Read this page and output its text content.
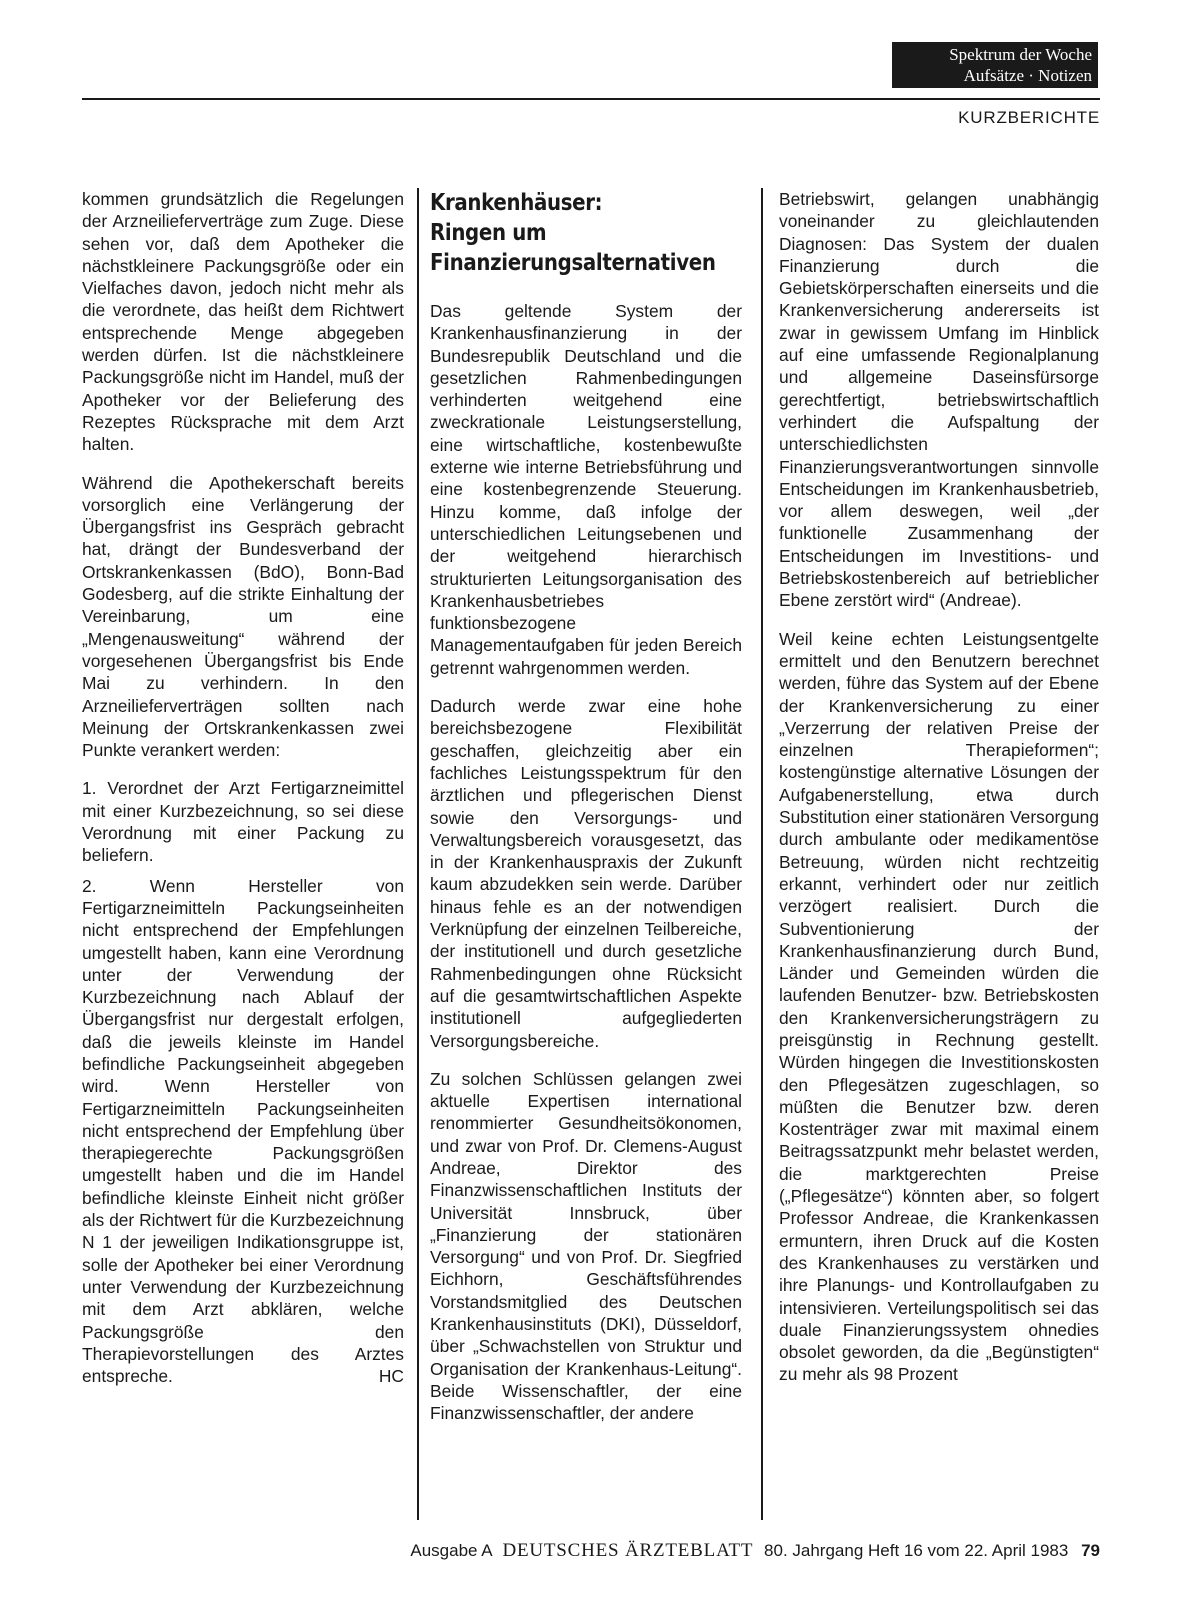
Spektrum der Woche
Aufsätze · Notizen
KURZBERICHTE

kommen grundsätzlich die Regelungen der Arzneilieferverträge zum Zuge. Diese sehen vor, daß dem Apotheker die nächstkleinere Packungsgröße oder ein Vielfaches davon, jedoch nicht mehr als die verordnete, das heißt dem Richtwert entsprechende Menge abgegeben werden dürfen. Ist die nächstkleinere Packungsgröße nicht im Handel, muß der Apotheker vor der Belieferung des Rezeptes Rücksprache mit dem Arzt halten.

Während die Apothekerschaft bereits vorsorglich eine Verlängerung der Übergangsfrist ins Gespräch gebracht hat, drängt der Bundesverband der Ortskrankenkassen (BdO), Bonn-Bad Godesberg, auf die strikte Einhaltung der Vereinbarung, um eine „Mengenausweitung“ während der vorgesehenen Übergangsfrist bis Ende Mai zu verhindern. In den Arzneilieferverträgen sollten nach Meinung der Ortskrankenkassen zwei Punkte verankert werden:

1. Verordnet der Arzt Fertigarzneimittel mit einer Kurzbezeichnung, so sei diese Verordnung mit einer Packung zu beliefern.

2. Wenn Hersteller von Fertigarzneimitteln Packungseinheiten nicht entsprechend der Empfehlungen umgestellt haben, kann eine Verordnung unter der Verwendung der Kurzbezeichnung nach Ablauf der Übergangsfrist nur dergestalt erfolgen, daß die jeweils kleinste im Handel befindliche Packungseinheit abgegeben wird. Wenn Hersteller von Fertigarzneimitteln Packungseinheiten nicht entsprechend der Empfehlung über therapiegerechte Packungsgrößen umgestellt haben und die im Handel befindliche kleinste Einheit nicht größer als der Richtwert für die Kurzbezeichnung N 1 der jeweiligen Indikationsgruppe ist, solle der Apotheker bei einer Verordnung unter Verwendung der Kurzbezeichnung mit dem Arzt abklären, welche Packungsgröße den Therapievorstellungen des Arztes entspreche.	HC

Krankenhäuser:
Ringen um
Finanzierungsalternativen

Das geltende System der Krankenhausfinanzierung in der Bundesrepublik Deutschland und die gesetzlichen Rahmenbedingungen verhinderten weitgehend eine zweckrationale Leistungserstellung, eine wirtschaftliche, kostenbewußte externe wie interne Betriebsführung und eine kostenbegrenzende Steuerung. Hinzu komme, daß infolge der unterschiedlichen Leitungsebenen und der weitgehend hierarchisch strukturierten Leitungsorganisation des Krankenhausbetriebes funktionsbezogene Managementaufgaben für jeden Bereich getrennt wahrgenommen werden.

Dadurch werde zwar eine hohe bereichsbezogene Flexibilität geschaffen, gleichzeitig aber ein fachliches Leistungsspektrum für den ärztlichen und pflegerischen Dienst sowie den Versorgungs- und Verwaltungsbereich vorausgesetzt, das in der Krankenhauspraxis der Zukunft kaum abzudekken sein werde. Darüber hinaus fehle es an der notwendigen Verknüpfung der einzelnen Teilbereiche, der institutionell und durch gesetzliche Rahmenbedingungen ohne Rücksicht auf die gesamtwirtschaftlichen Aspekte institutionell aufgegliederten Versorgungsbereiche.

Zu solchen Schlüssen gelangen zwei aktuelle Expertisen international renommierter Gesundheitsökonomen, und zwar von Prof. Dr. Clemens-August Andreae, Direktor des Finanzwissenschaftlichen Instituts der Universität Innsbruck, über „Finanzierung der stationären Versorgung“ und von Prof. Dr. Siegfried Eichhorn, Geschäftsführendes Vorstandsmitglied des Deutschen Krankenhausinstituts (DKI), Düsseldorf, über „Schwachstellen von Struktur und Organisation der Krankenhaus-Leitung“. Beide Wissenschaftler, der eine Finanzwissenschaftler, der andere

Betriebswirt, gelangen unabhängig voneinander zu gleichlautenden Diagnosen: Das System der dualen Finanzierung durch die Gebietskörperschaften einerseits und die Krankenversicherung andererseits ist zwar in gewissem Umfang im Hinblick auf eine umfassende Regionalplanung und allgemeine Daseinsfürsorge gerechtfertigt, betriebswirtschaftlich verhindert die Aufspaltung der unterschiedlichsten Finanzierungsverantwortungen sinnvolle Entscheidungen im Krankenhausbetrieb, vor allem deswegen, weil „der funktionelle Zusammenhang der Entscheidungen im Investitions- und Betriebskostenbereich auf betrieblicher Ebene zerstört wird“ (Andreae).

Weil keine echten Leistungsentgelte ermittelt und den Benutzern berechnet werden, führe das System auf der Ebene der Krankenversicherung zu einer „Verzerrung der relativen Preise der einzelnen Therapieformen“; kostengünstige alternative Lösungen der Aufgabenerstellung, etwa durch Substitution einer stationären Versorgung durch ambulante oder medikamentöse Betreuung, würden nicht rechtzeitig erkannt, verhindert oder nur zeitlich verzögert realisiert. Durch die Subventionierung der Krankenhausfinanzierung durch Bund, Länder und Gemeinden würden die laufenden Benutzer- bzw. Betriebskosten den Krankenversicherungsträgern zu preisgünstig in Rechnung gestellt. Würden hingegen die Investitionskosten den Pflegesätzen zugeschlagen, so müßten die Benutzer bzw. deren Kostenträger zwar mit maximal einem Beitragssatzpunkt mehr belastet werden, die marktgerechten Preise („Pflegesätze“) könnten aber, so folgert Professor Andreae, die Krankenkassen ermuntern, ihren Druck auf die Kosten des Krankenhauses zu verstärken und ihre Planungs- und Kontrollaufgaben zu intensivieren. Verteilungspolitisch sei das duale Finanzierungssystem ohnedies obsolet geworden, da die „Begünstigten“ zu mehr als 98 Prozent

Ausgabe A DEUTSCHES ÄRZTEBLATT 80. Jahrgang Heft 16 vom 22. April 1983 79
